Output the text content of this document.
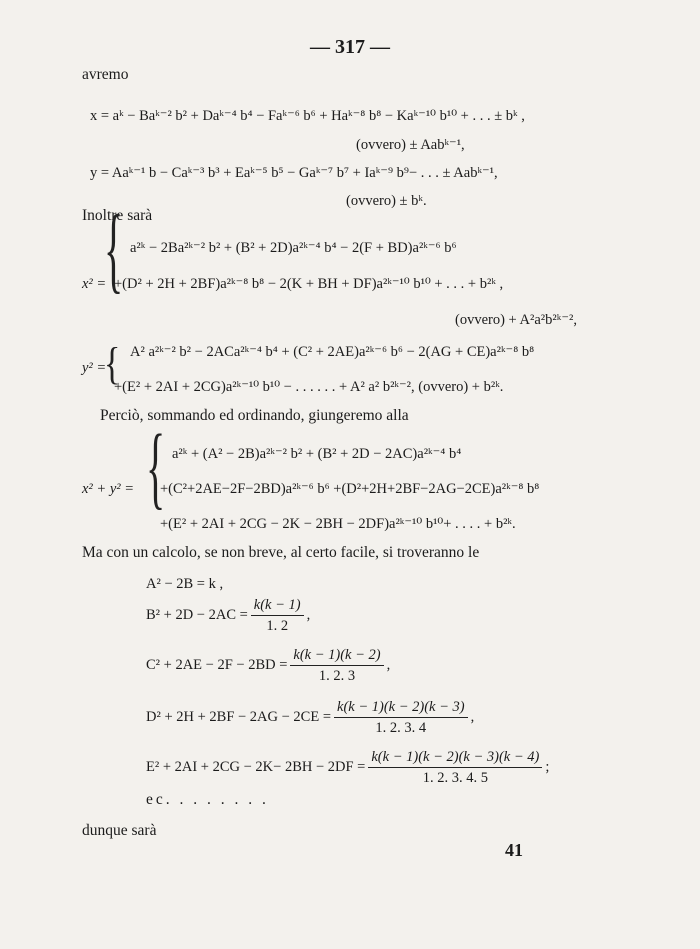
— 317 —
avremo
x = aᵏ − Baᵏ⁻² b² + Daᵏ⁻⁴ b⁴ − Faᵏ⁻⁶ b⁶ + Haᵏ⁻⁸ b⁸ − Kaᵏ⁻¹⁰ b¹⁰ + . . . ± bᵏ ,
(ovvero) ± Aabᵏ⁻¹,
y = Aaᵏ⁻¹ b − Caᵏ⁻³ b³ + Eaᵏ⁻⁵ b⁵ − Gaᵏ⁻⁷ b⁷ + Iaᵏ⁻⁹ b⁹− . . . ± Aabᵏ⁻¹,
(ovvero) ± bᵏ.
Inoltre sarà
x² =
{ a²ᵏ − 2Ba²ᵏ⁻² b² + (B² + 2D)a²ᵏ⁻⁴ b⁴ − 2(F + BD)a²ᵏ⁻⁶ b⁶
+(D² + 2H + 2BF)a²ᵏ⁻⁸ b⁸ − 2(K + BH + DF)a²ᵏ⁻¹⁰ b¹⁰ + . . . + b²ᵏ ,
(ovvero) + A²a²b²ᵏ⁻²,
y² =
{ A² a²ᵏ⁻² b² − 2ACa²ᵏ⁻⁴ b⁴ + (C² + 2AE)a²ᵏ⁻⁶ b⁶ − 2(AG + CE)a²ᵏ⁻⁸ b⁸
+(E² + 2AI + 2CG)a²ᵏ⁻¹⁰ b¹⁰ − . . . . . . + A² a² b²ᵏ⁻², (ovvero) + b²ᵏ.
Perciò, sommando ed ordinando, giungeremo alla
x² + y² = { a²ᵏ + (A² − 2B)a²ᵏ⁻² b² + (B² + 2D − 2AC)a²ᵏ⁻⁴ b⁴
+(C²+2AE−2F−2BD)a²ᵏ⁻⁶ b⁶ +(D²+2H+2BF−2AG−2CE)a²ᵏ⁻⁸ b⁸
+(E² + 2AI + 2CG − 2K − 2BH − 2DF)a²ᵏ⁻¹⁰ b¹⁰+ . . . . + b²ᵏ.
Ma con un calcolo, se non breve, al certo facile, si troveranno le
A² − 2B = k ,
$B^2 + 2D - 2AC = \frac{k(k - 1)}{1. 2}$ ,
$C^2 + 2AE - 2F - 2BD = \frac{k(k - 1)(k - 2)}{1. 2. 3}$ ,
$D^2 + 2H + 2BF - 2AG - 2CE = \frac{k(k - 1)(k - 2)(k - 3)}{1. 2. 3. 4}$ ,
$E^2 + 2AI + 2CG - 2K- 2BH - 2DF = \frac{k(k - 1)(k - 2)(k - 3)(k - 4)}{1. 2. 3. 4. 5}$ ;
ec. . . . . . . .
dunque sarà
41
